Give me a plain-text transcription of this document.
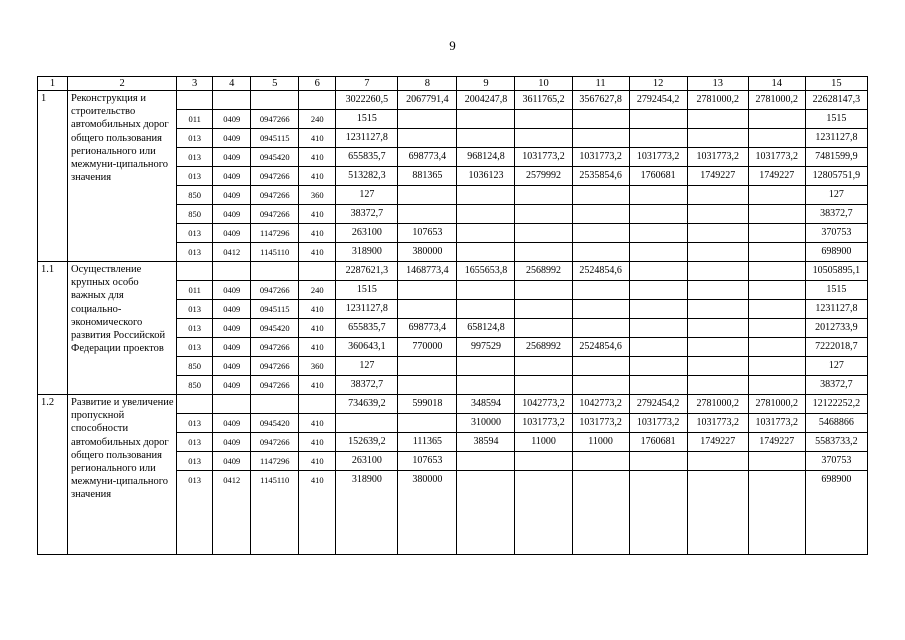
9
1	2	3	4	5	6	7	8	9	10	11	12	13	14	15
1	Реконструкция и строительство автомобильных дорог общего пользования регионального или межмуни-ципального значения					3022260,5	2067791,4	2004247,8	3611765,2	3567627,8	2792454,2	2781000,2	2781000,2	22628147,3
		011	0409	0947266	240	1515								1515
		013	0409	0945115	410	1231127,8								1231127,8
		013	0409	0945420	410	655835,7	698773,4	968124,8	1031773,2	1031773,2	1031773,2	1031773,2	1031773,2	7481599,9
		013	0409	0947266	410	513282,3	881365	1036123	2579992	2535854,6	1760681	1749227	1749227	12805751,9
		850	0409	0947266	360	127								127
		850	0409	0947266	410	38372,7								38372,7
		013	0409	1147296	410	263100	107653							370753
		013	0412	1145110	410	318900	380000							698900
1.1	Осуществление крупных особо важных для социально-экономического развития Российской Федерации проектов					2287621,3	1468773,4	1655653,8	2568992	2524854,6				10505895,1
		011	0409	0947266	240	1515								1515
		013	0409	0945115	410	1231127,8								1231127,8
		013	0409	0945420	410	655835,7	698773,4	658124,8						2012733,9
		013	0409	0947266	410	360643,1	770000	997529	2568992	2524854,6				7222018,7
		850	0409	0947266	360	127								127
		850	0409	0947266	410	38372,7								38372,7
1.2	Развитие и увеличение пропускной способности автомобильных дорог общего пользования регионального или межмуни-ципального значения					734639,2	599018	348594	1042773,2	1042773,2	2792454,2	2781000,2	2781000,2	12122252,2
		013	0409	0945420	410			310000	1031773,2	1031773,2	1031773,2	1031773,2	1031773,2	5468866
		013	0409	0947266	410	152639,2	111365	38594	11000	11000	1760681	1749227	1749227	5583733,2
		013	0409	1147296	410	263100	107653							370753
		013	0412	1145110	410	318900	380000							698900
